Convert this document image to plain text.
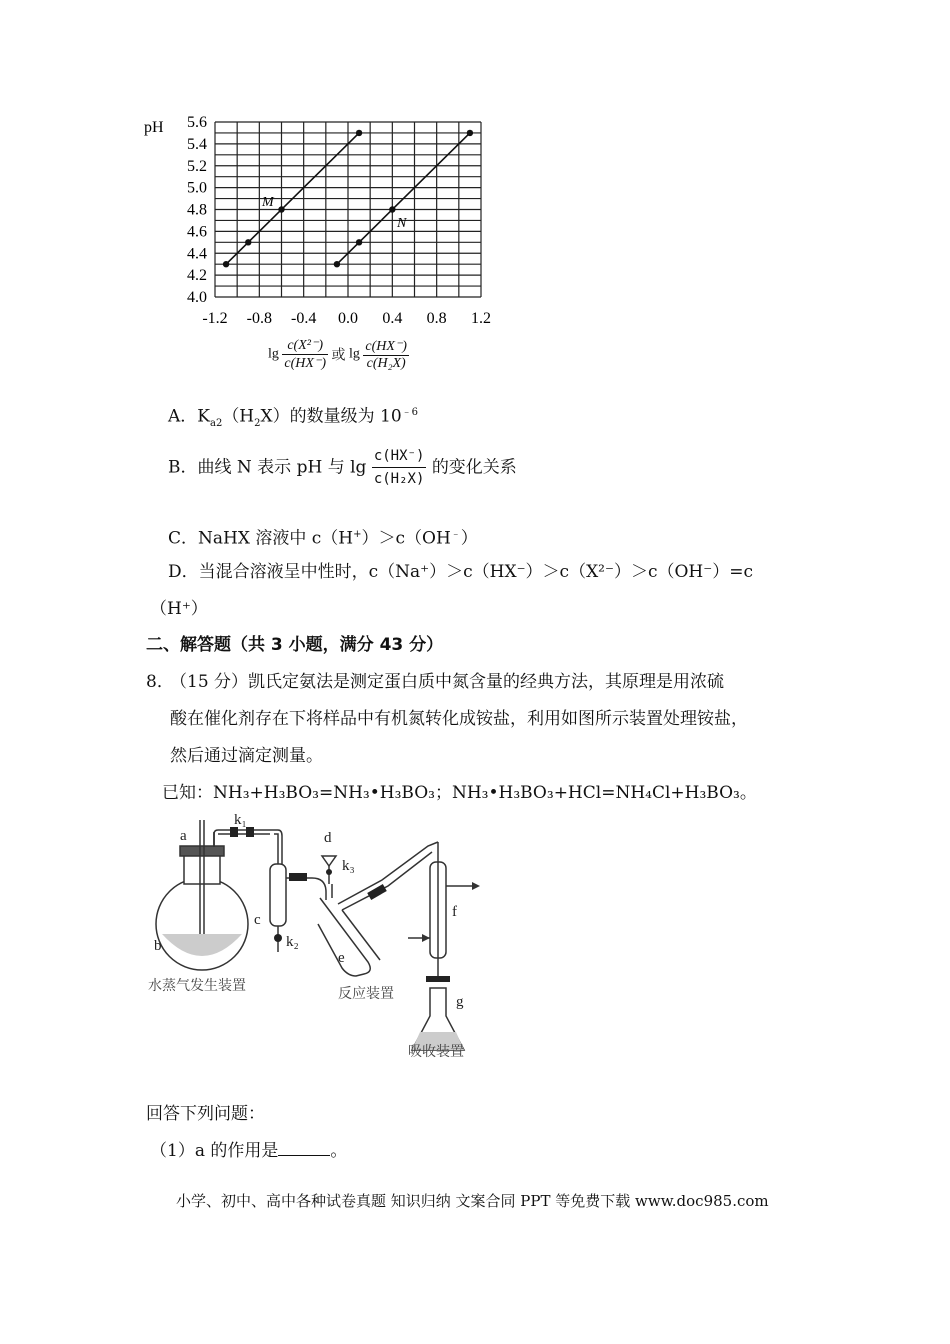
pH 5.6
5.4
5.2
5.0
4.8
4.6
4.4
4.2
4.0
-1.2 -0.8 -0.4 0.0 0.4 0.8 1.2
M
N
$\lg \frac{\text{c(X²⁻)}}{c(HX^-)}$ 或 $\lg \frac{c(HX^-)}{\text{c(H₂X)}}$
A．$K_{a2}(H_2X)$的数量级为 $10^{﹣6}$
B．曲线 N 表示 pH 与 $\lg \frac{c(HX^-)}{\text{c(H₂X)}}$ 的变化关系
C．NaHX 溶液中 c（H+）＞c（OH﹣）
D．当混合溶液呈中性时，c（Na⁺）＞c（HX⁻）＞c（X²⁻）＞c（OH⁻）=c
（H⁺）
二、解答题（共 3 小题，满分 43 分）
8．
（15 分）凯氏定氨法是测定蛋白质中氮含量的经典方法，其原理是用浓硫
酸在催化剂存在下将样品中有机氮转化成铵盐，利用如图所示装置处理铵盐，
然后通过滴定测量。
已知：NH₃+H₃BO₃=NH₃•H₃BO₃；NH₃•H₃BO₃+HCl=NH₄Cl+H₃BO₃。
a
k₁
b
c
k₂
d
k₃
e
f
g
水蒸气发生装置
反应装置
吸收装置
回答下列问题：
（1）a 的作用是	。
小学、初中、高中各种试卷真题 知识归纳 文案合同 PPT 等免费下载 www.doc985.com
